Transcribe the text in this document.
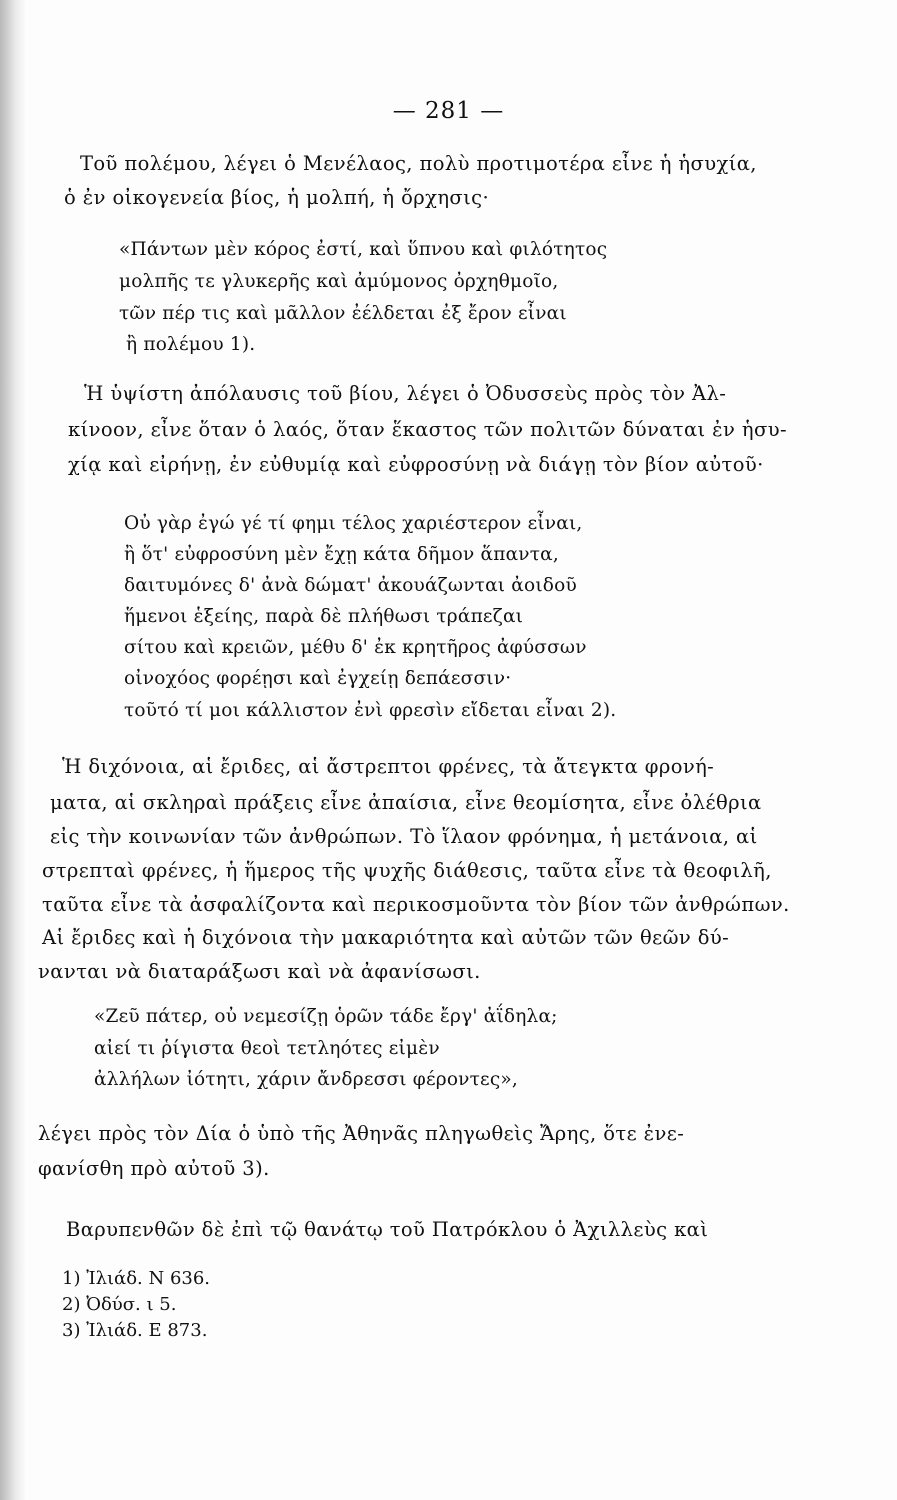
— 281 —
Τοῦ πολέμου, λέγει ὁ Μενέλαος, πολὺ προτιμοτέρα εἶνε ἡ ἡσυχία,
ὁ ἐν οἰκογενεία βίος, ἡ μολπή, ἡ ὄρχησις·
«Πάντων μὲν κόρος ἐστί, καὶ ὕπνου καὶ φιλότητος
μολπῆς τε γλυκερῆς καὶ ἀμύμονος ὀρχηθμοῖο,
τῶν πέρ τις καὶ μᾶλλον ἐέλδεται ἐξ ἔρον εἶναι
ἢ πολέμου 1).
Ἡ ὑψίστη ἀπόλαυσις τοῦ βίου, λέγει ὁ Ὀδυσσεὺς πρὸς τὸν Ἀλ-
κίνοον, εἶνε ὅταν ὁ λαός, ὅταν ἕκαστος τῶν πολιτῶν δύναται ἐν ἡσυ-
χίᾳ καὶ εἰρήνῃ, ἐν εὐθυμίᾳ καὶ εὐφροσύνῃ νὰ διάγῃ τὸν βίον αὐτοῦ·
Οὐ γὰρ ἐγώ γέ τί φημι τέλος χαριέστερον εἶναι,
ἢ ὅτ' εὐφροσύνη μὲν ἔχῃ κάτα δῆμον ἅπαντα,
δαιτυμόνες δ' ἀνὰ δώματ' ἀκουάζωνται ἀοιδοῦ
ἥμενοι ἑξείης, παρὰ δὲ πλήθωσι τράπεζαι
σίτου καὶ κρειῶν, μέθυ δ' ἐκ κρητῆρος ἀφύσσων
οἰνοχόος φορέῃσι καὶ ἐγχείῃ δεπάεσσιν·
τοῦτό τί μοι κάλλιστον ἐνὶ φρεσὶν εἴδεται εἶναι 2).
Ἡ διχόνοια, αἱ ἔριδες, αἱ ἄστρεπτοι φρένες, τὰ ἄτεγκτα φρονή-
ματα, αἱ σκληραὶ πράξεις εἶνε ἀπαίσια, εἶνε θεομίσητα, εἶνε ὀλέθρια
εἰς τὴν κοινωνίαν τῶν ἀνθρώπων. Τὸ ἵλαον φρόνημα, ἡ μετάνοια, αἱ
στρεπταὶ φρένες, ἡ ἥμερος τῆς ψυχῆς διάθεσις, ταῦτα εἶνε τὰ θεοφιλῆ,
ταῦτα εἶνε τὰ ἀσφαλίζοντα καὶ περικοσμοῦντα τὸν βίον τῶν ἀνθρώπων.
Αἱ ἔριδες καὶ ἡ διχόνοια τὴν μακαριότητα καὶ αὐτῶν τῶν θεῶν δύ-
νανται νὰ διαταράξωσι καὶ νὰ ἀφανίσωσι.
«Ζεῦ πάτερ, οὐ νεμεσίζῃ ὁρῶν τάδε ἔργ' ἀΐδηλα;
αἰεί τι ῥίγιστα θεοὶ τετληότες εἰμὲν
ἀλλήλων ἰότητι, χάριν ἄνδρεσσι φέροντες»,
λέγει πρὸς τὸν Δία ὁ ὑπὸ τῆς Ἀθηνᾶς πληγωθεὶς Ἄρης, ὅτε ἐνε-
φανίσθη πρὸ αὐτοῦ 3).
Βαρυπενθῶν δὲ ἐπὶ τῷ θανάτῳ τοῦ Πατρόκλου ὁ Ἀχιλλεὺς καὶ
1) Ἰλιάδ. Ν 636.
2) Ὀδύσ. ι 5.
3) Ἰλιάδ. Ε 873.
